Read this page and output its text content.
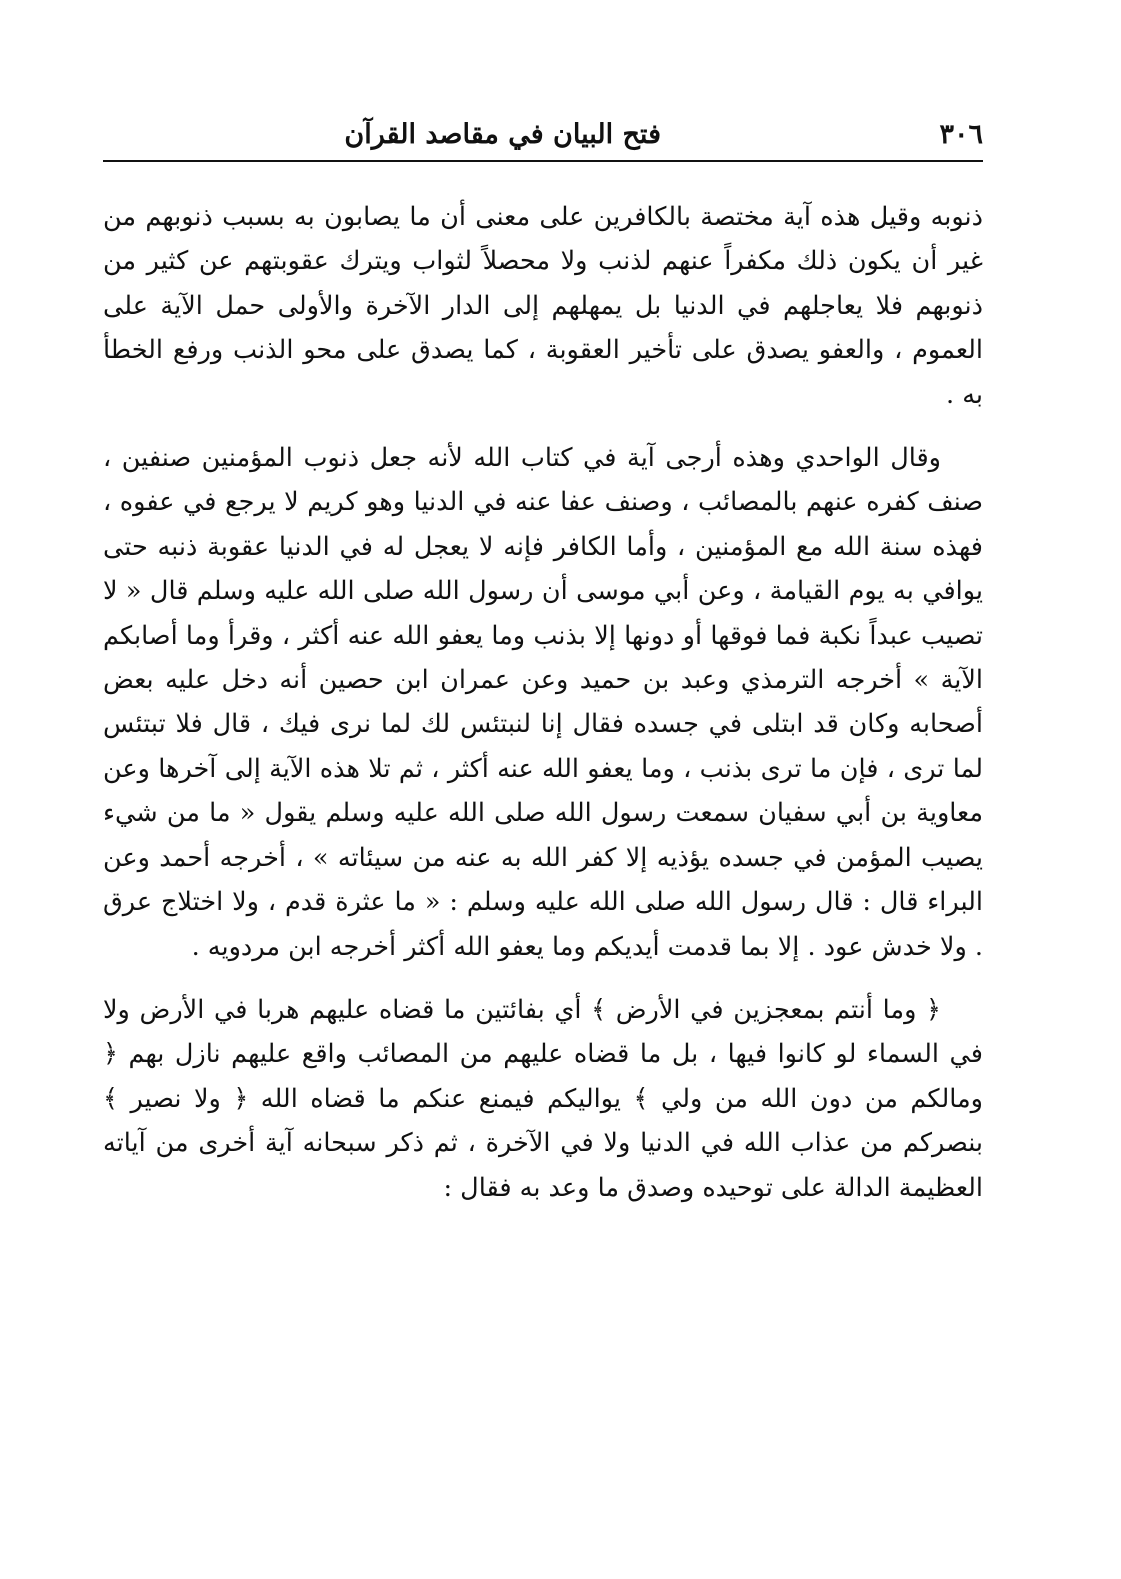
٣٠٦
فتح البيان في مقاصد القرآن

ذنوبه وقيل هذه آية مختصة بالكافرين على معنى أن ما يصابون به بسبب ذنوبهم من غير أن يكون ذلك مكفراً عنهم لذنب ولا محصلاً لثواب ويترك عقوبتهم عن كثير من ذنوبهم فلا يعاجلهم في الدنيا بل يمهلهم إلى الدار الآخرة والأولى حمل الآية على العموم ، والعفو يصدق على تأخير العقوبة ، كما يصدق على محو الذنب ورفع الخطأ به .

وقال الواحدي وهذه أرجى آية في كتاب الله لأنه جعل ذنوب المؤمنين صنفين ، صنف كفره عنهم بالمصائب ، وصنف عفا عنه في الدنيا وهو كريم لا يرجع في عفوه ، فهذه سنة الله مع المؤمنين ، وأما الكافر فإنه لا يعجل له في الدنيا عقوبة ذنبه حتى يوافي به يوم القيامة ، وعن أبي موسى أن رسول الله صلى الله عليه وسلم قال « لا تصيب عبداً نكبة فما فوقها أو دونها إلا بذنب وما يعفو الله عنه أكثر ، وقرأ وما أصابكم الآية » أخرجه الترمذي وعبد بن حميد وعن عمران ابن حصين أنه دخل عليه بعض أصحابه وكان قد ابتلى في جسده فقال إنا لنبتئس لك لما نرى فيك ، قال فلا تبتئس لما ترى ، فإن ما ترى بذنب ، وما يعفو الله عنه أكثر ، ثم تلا هذه الآية إلى آخرها وعن معاوية بن أبي سفيان سمعت رسول الله صلى الله عليه وسلم يقول « ما من شيء يصيب المؤمن في جسده يؤذيه إلا كفر الله به عنه من سيئاته » ، أخرجه أحمد وعن البراء قال : قال رسول الله صلى الله عليه وسلم : « ما عثرة قدم ، ولا اختلاج عرق . ولا خدش عود . إلا بما قدمت أيديكم وما يعفو الله أكثر أخرجه ابن مردويه .

﴿ وما أنتم بمعجزين في الأرض ﴾ أي بفائتين ما قضاه عليهم هربا في الأرض ولا في السماء لو كانوا فيها ، بل ما قضاه عليهم من المصائب واقع عليهم نازل بهم ﴿ ومالكم من دون الله من ولي ﴾ يواليكم فيمنع عنكم ما قضاه الله ﴿ ولا نصير ﴾ بنصركم من عذاب الله في الدنيا ولا في الآخرة ، ثم ذكر سبحانه آية أخرى من آياته العظيمة الدالة على توحيده وصدق ما وعد به فقال :
